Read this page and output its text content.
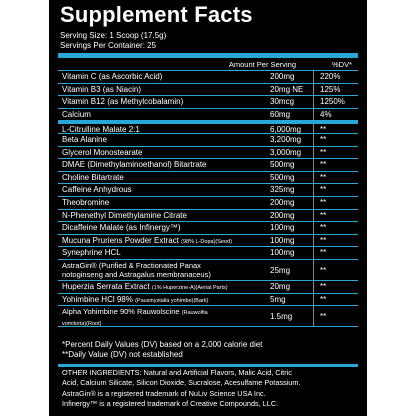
Supplement Facts
Serving Size: 1 Scoop (17.5g)
Servings Per Container: 25
Amount Per Serving	%DV*
Vitamin C (as Ascorbic Acid)	200mg	220%
Vitamin B3 (as Niacin)	20mg NE 125%
Vitamin B12 (as Methylcobalamin)	30mcg	1250%
Calcium	60mg	4%
L-Citrulline Malate 2:1	6,000mg **
Beta Alanine	3,200mg **
Glycerol Monostearate	3,000mg **
DMAE (Dimethylaminoethanol) Bitartrate	500mg	**
Choline Bitartrate	500mg	**
Caffeine Anhydrous	325mg	**
Theobromine	200mg	**
N-Phenethyl Dimethylamine Citrate	200mg	**
Dicaffeine Malate (as Infinergy™)	100mg	**
Mucuna Pruriens Powder Extract (98% L-Dopa)(Seed)	100mg	**
Synephrine HCL	100mg	**
AstraGin® (Purified & Fractionated Panax
notoginseng and Astragalus membranaceus)	25mg	**
Huperzia Serrata Extract (1% Huperzine-A)(Aerial Parts)	20mg	**
Yohimbine HCl 98% (Pausinystalia yohimbe)(Bark)	5mg	**
Alpha Yohimbine 90% Rauwolscine (Rauwolfia
vomitoria)(Root)
1.5mg	**
*Percent Daily Values (DV) based on a 2,000 calorie diet
**Daily Value (DV) not established
OTHER INGREDIENTS: Natural and Artificial Flavors, Malic Acid, Citric
Acid, Calcium Silicate, Silicon Dioxide, Sucralose, Acesulfame Potassium.
AstraGin® is a registered trademark of NuLiv Science USA Inc.
Infinergy™ is a registered trademark of Creative Compounds, LLC.
